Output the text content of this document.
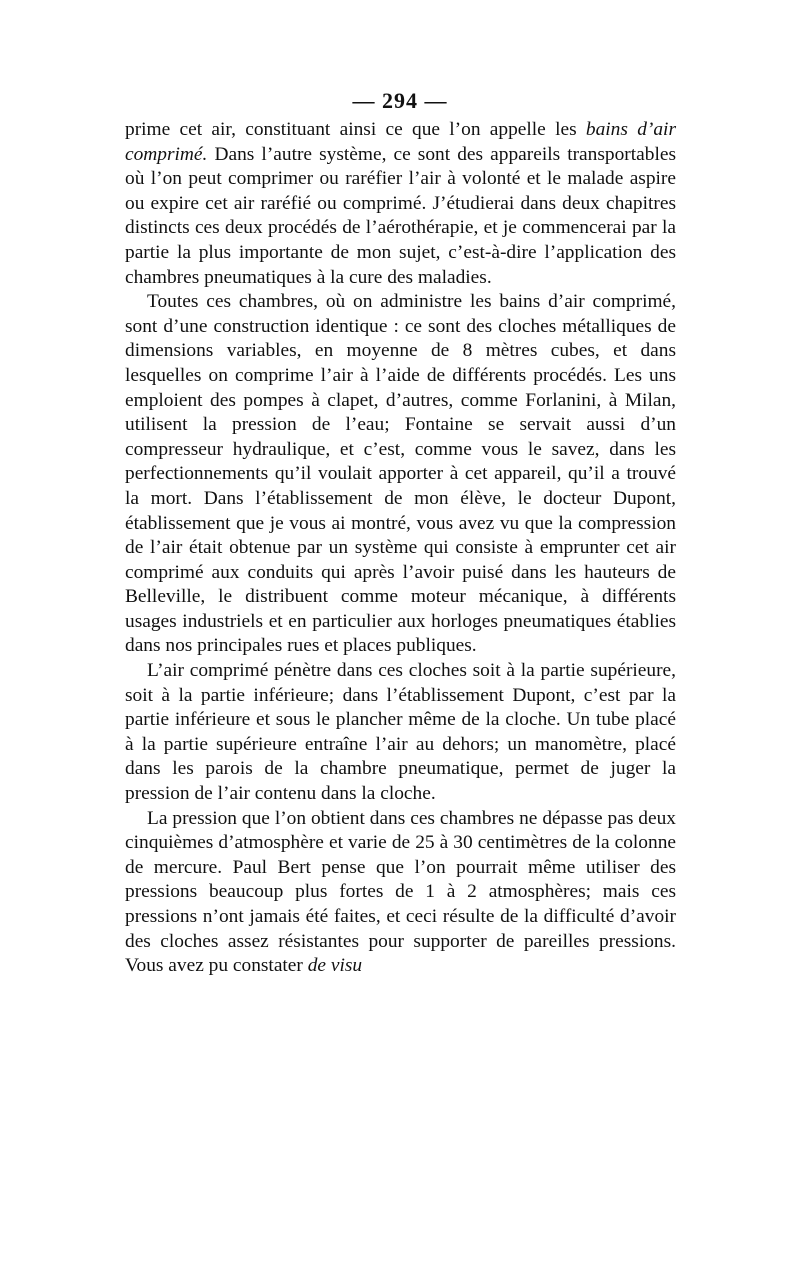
— 294 —

prime cet air, constituant ainsi ce que l’on appelle les bains d’air comprimé. Dans l’autre système, ce sont des appareils transportables où l’on peut comprimer ou raréfier l’air à volonté et le malade aspire ou expire cet air raréfié ou comprimé. J’étudierai dans deux chapitres distincts ces deux procédés de l’aérothérapie, et je commencerai par la partie la plus importante de mon sujet, c’est-à-dire l’application des chambres pneumatiques à la cure des maladies.

Toutes ces chambres, où on administre les bains d’air comprimé, sont d’une construction identique : ce sont des cloches métalliques de dimensions variables, en moyenne de 8 mètres cubes, et dans lesquelles on comprime l’air à l’aide de différents procédés. Les uns emploient des pompes à clapet, d’autres, comme Forlanini, à Milan, utilisent la pression de l’eau; Fontaine se servait aussi d’un compresseur hydraulique, et c’est, comme vous le savez, dans les perfectionnements qu’il voulait apporter à cet appareil, qu’il a trouvé la mort. Dans l’établissement de mon élève, le docteur Dupont, établissement que je vous ai montré, vous avez vu que la compression de l’air était obtenue par un système qui consiste à emprunter cet air comprimé aux conduits qui après l’avoir puisé dans les hauteurs de Belleville, le distribuent comme moteur mécanique, à différents usages industriels et en particulier aux horloges pneumatiques établies dans nos principales rues et places publiques.

L’air comprimé pénètre dans ces cloches soit à la partie supérieure, soit à la partie inférieure; dans l’établissement Dupont, c’est par la partie inférieure et sous le plancher même de la cloche. Un tube placé à la partie supérieure entraîne l’air au dehors; un manomètre, placé dans les parois de la chambre pneumatique, permet de juger la pression de l’air contenu dans la cloche.

La pression que l’on obtient dans ces chambres ne dépasse pas deux cinquièmes d’atmosphère et varie de 25 à 30 centimètres de la colonne de mercure. Paul Bert pense que l’on pourrait même utiliser des pressions beaucoup plus fortes de 1 à 2 atmosphères; mais ces pressions n’ont jamais été faites, et ceci résulte de la difficulté d’avoir des cloches assez résistantes pour supporter de pareilles pressions. Vous avez pu constater de visu
